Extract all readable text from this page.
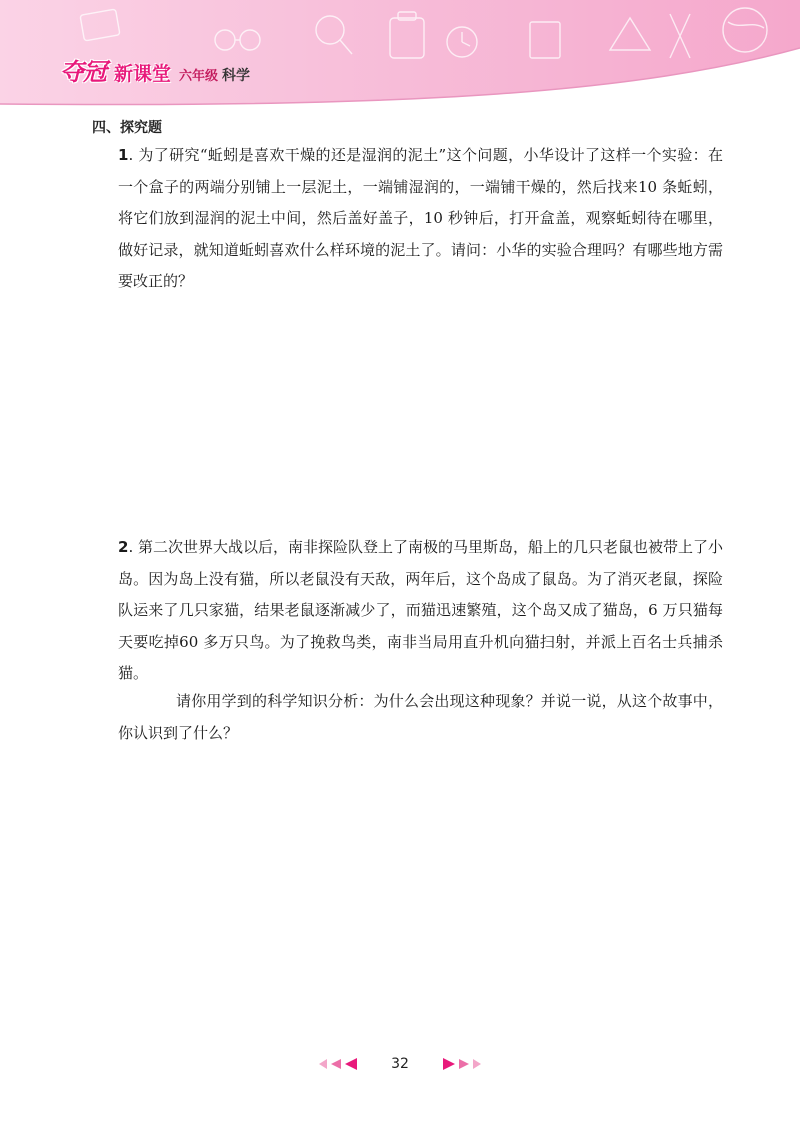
夺冠 新课堂 六年级 科学
四、探究题
1. 为了研究“蚯蚓是喜欢干燥的还是湿润的泥土”这个问题，小华设计了这样一个实验：在一个盒子的两端分别铺上一层泥土，一端铺湿润的，一端铺干燥的，然后找来10 条蚯蚓，将它们放到湿润的泥土中间，然后盖好盖子，10 秒钟后，打开盒盖，观察蚯蚓待在哪里，做好记录，就知道蚯蚓喜欢什么样环境的泥土了。请问：小华的实验合理吗？有哪些地方需要改正的？
2. 第二次世界大战以后，南非探险队登上了南极的马里斯岛，船上的几只老鼠也被带上了小岛。因为岛上没有猫，所以老鼠没有天敌，两年后，这个岛成了鼠岛。为了消灭老鼠，探险队运来了几只家猫，结果老鼠逐渐减少了，而猫迅速繁殖，这个岛又成了猫岛，6 万只猫每天要吃掉60 多万只鸟。为了挽救鸟类，南非当局用直升机向猫扫射，并派上百名士兵捕杀猫。
请你用学到的科学知识分析：为什么会出现这种现象？并说一说，从这个故事中，你认识到了什么？
32
